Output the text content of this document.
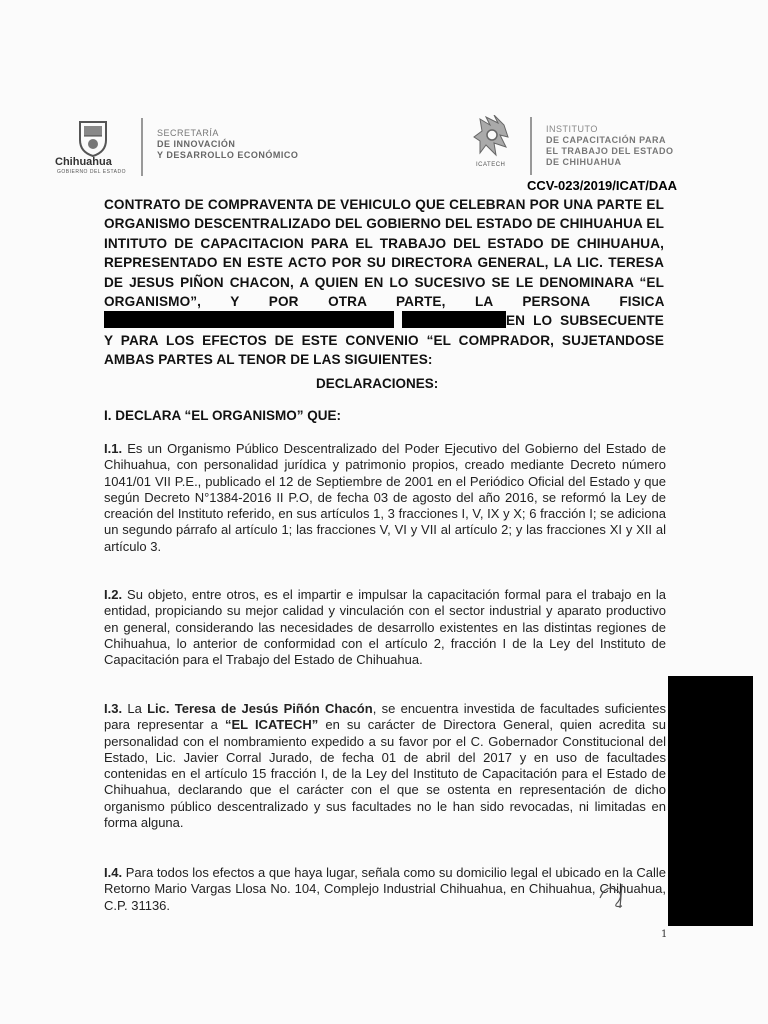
Chihuahua
GOBIERNO DEL ESTADO
SECRETARÍA
DE INNOVACIÓN
Y DESARROLLO ECONÓMICO
ICATECH
INSTITUTO
DE CAPACITACIÓN PARA
EL TRABAJO DEL ESTADO
DE CHIHUAHUA
CCV-023/2019/ICAT/DAA
CONTRATO DE COMPRAVENTA DE VEHICULO QUE CELEBRAN POR UNA PARTE EL ORGANISMO DESCENTRALIZADO DEL GOBIERNO DEL ESTADO DE CHIHUAHUA EL INTITUTO DE CAPACITACION PARA EL TRABAJO DEL ESTADO DE CHIHUAHUA, REPRESENTADO EN ESTE ACTO POR SU DIRECTORA GENERAL, LA LIC. TERESA DE JESUS PIÑON CHACON, A QUIEN EN LO SUCESIVO SE LE DENOMINARA “EL ORGANISMO”, Y POR OTRA PARTE, LA PERSONA FISICA  EN LO SUBSECUENTE Y PARA LOS EFECTOS DE ESTE CONVENIO “EL COMPRADOR, SUJETANDOSE AMBAS PARTES AL TENOR DE LAS SIGUIENTES:
DECLARACIONES:
I. DECLARA “EL ORGANISMO” QUE:
I.1. Es un Organismo Público Descentralizado del Poder Ejecutivo del Gobierno del Estado de Chihuahua, con personalidad jurídica y patrimonio propios, creado mediante Decreto número 1041/01 VII P.E., publicado el 12 de Septiembre de 2001 en el Periódico Oficial del Estado y que según Decreto N°1384-2016 II P.O, de fecha 03 de agosto del año 2016, se reformó la Ley de creación del Instituto referido, en sus artículos 1, 3 fracciones I, V, IX y X; 6 fracción I; se adiciona un segundo párrafo al artículo 1; las fracciones V, VI y VII al artículo 2; y las fracciones XI y XII al artículo 3.
I.2. Su objeto, entre otros, es el impartir e impulsar la capacitación formal para el trabajo en la entidad, propiciando su mejor calidad y vinculación con el sector industrial y aparato productivo en general, considerando las necesidades de desarrollo existentes en las distintas regiones de Chihuahua, lo anterior de conformidad con el artículo 2, fracción I de la Ley del Instituto de Capacitación para el Trabajo del Estado de Chihuahua.
I.3. La Lic. Teresa de Jesús Piñón Chacón, se encuentra investida de facultades suficientes para representar a “EL ICATECH” en su carácter de Directora General, quien acredita su personalidad con el nombramiento expedido a su favor por el C. Gobernador Constitucional del Estado, Lic. Javier Corral Jurado, de fecha 01 de abril del 2017 y en uso de facultades contenidas en el artículo 15 fracción I, de la Ley del Instituto de Capacitación para el Estado de Chihuahua, declarando que el carácter con el que se ostenta en representación de dicho organismo público descentralizado y sus facultades no le han sido revocadas, ni limitadas en forma alguna.
I.4. Para todos los efectos a que haya lugar, señala como su domicilio legal el ubicado en la Calle Retorno Mario Vargas Llosa No. 104, Complejo Industrial Chihuahua, en Chihuahua, Chihuahua, C.P. 31136.
1
